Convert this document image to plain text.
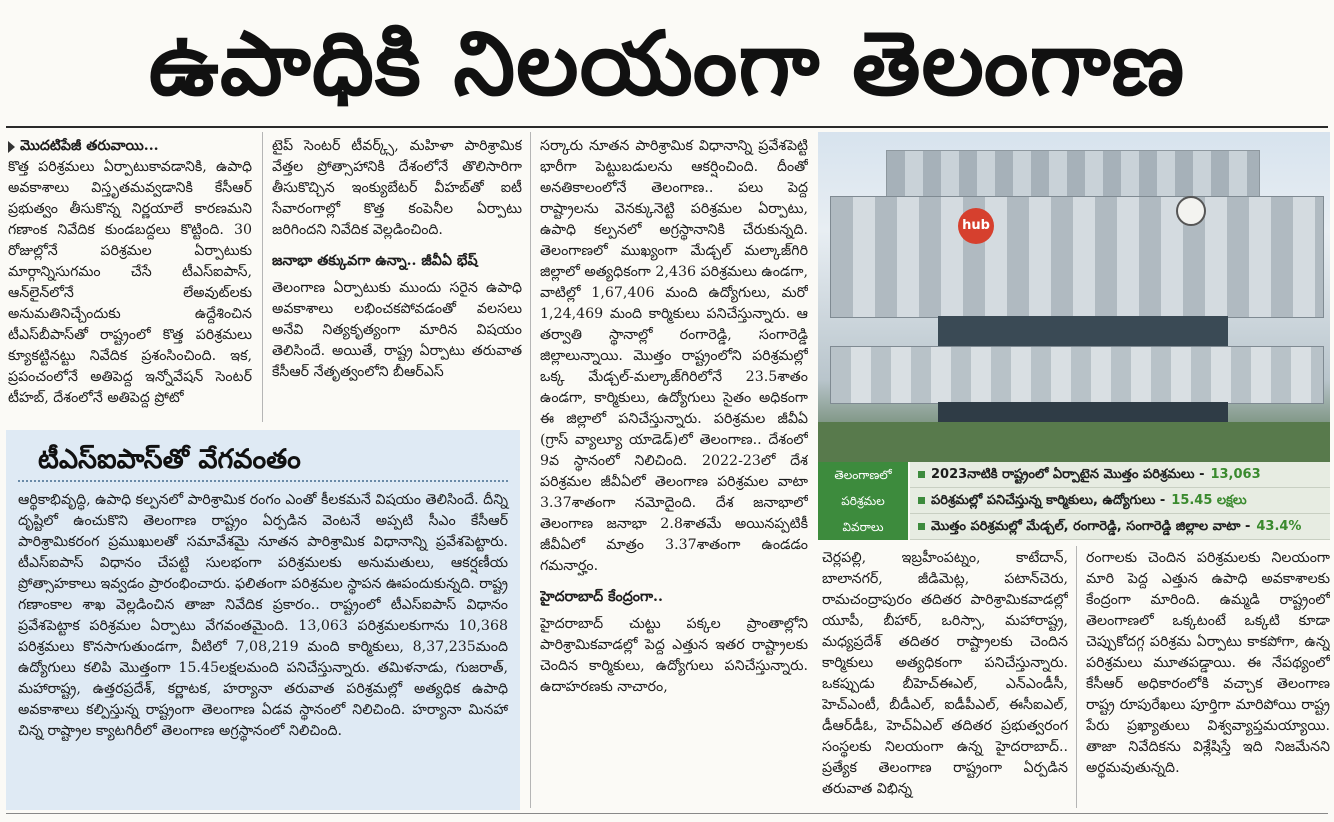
ఉపాధికి నిలయంగా తెలంగాణ
మొదటిపేజీ తరువాయి...

కొత్త పరిశ్రమలు ఏర్పాటుకావడానికి, ఉపాధి అవకాశాలు విస్తృతమవ్వడానికి కేసీఆర్ ప్రభుత్వం తీసుకొన్న నిర్ణయాలే కారణమని గణాంక నివేదిక కుండబద్దలు కొట్టింది. 30 రోజుల్లోనే పరిశ్రమల ఏర్పాటుకు మార్గాన్నిసుగమం చేసే టీఎస్ఐపాస్, ఆన్‌లైన్‌లోనే లేఅవుట్‌లకు అనుమతినిచ్చేందుకు ఉద్దేశించిన టీఎస్‌బీపాస్‌తో రాష్ట్రంలో కొత్త పరిశ్రమలు క్యూకట్టినట్టు నివేదిక ప్రశంసించింది. ఇక, ప్రపంచంలోనే అతిపెద్ద ఇన్నోవేషన్ సెంటర్ టీహబ్, దేశంలోనే అతిపెద్ద ప్రోటో

టైప్ సెంటర్ టీవర్క్స్, మహిళా పారిశ్రామిక వేత్తల ప్రోత్సాహానికి దేశంలోనే తొలిసారిగా తీసుకొచ్చిన ఇంక్యుబేటర్ వీహబ్‌తో ఐటీ సేవారంగాల్లో కొత్త కంపెనీల ఏర్పాటు జరిగిందని నివేదిక వెల్లడించింది.

జనాభా తక్కువగా ఉన్నా.. జీవీఏ భేష్

తెలంగాణ ఏర్పాటుకు ముందు సరైన ఉపాధి అవకాశాలు లభించకపోవడంతో వలసలు అనేవి నిత్యకృత్యంగా మారిన విషయం తెలిసిందే. అయితే, రాష్ట్ర ఏర్పాటు తరువాత కేసీఆర్ నేతృత్వంలోని బీఆర్ఎస్

టీఎస్ఐపాస్‌తో వేగవంతం
ఆర్థికాభివృద్ధి, ఉపాధి కల్పనలో పారిశ్రామిక రంగం ఎంతో కీలకమనే విషయం తెలిసిందే. దీన్ని దృష్టిలో ఉంచుకొని తెలంగాణ రాష్ట్రం ఏర్పడిన వెంటనే అప్పటి సీఎం కేసీఆర్ పారిశ్రామికరంగ ప్రముఖులతో సమావేశమై నూతన పారిశ్రామిక విధానాన్ని ప్రవేశపెట్టారు. టీఎస్ఐపాస్ విధానం చేపట్టి సులభంగా పరిశ్రమలకు అనుమతులు, ఆకర్షణీయ ప్రోత్సాహకాలు ఇవ్వడం ప్రారంభించారు. ఫలితంగా పరిశ్రమల స్థాపన ఊపందుకున్నది. రాష్ట్ర గణాంకాల శాఖ వెల్లడించిన తాజా నివేదిక ప్రకారం.. రాష్ట్రంలో టీఎస్ఐపాస్ విధానం ప్రవేశపెట్టాక పరిశ్రమల ఏర్పాటు వేగవంతమైంది. 13,063 పరిశ్రమలకుగాను 10,368 పరిశ్రమలు కొనసాగుతుండగా, వీటిలో 7,08,219 మంది కార్మికులు, 8,37,235మంది ఉద్యోగులు కలిపి మొత్తంగా 15.45లక్షలమంది పనిచేస్తున్నారు. తమిళనాడు, గుజరాత్, మహారాష్ట్ర, ఉత్తరప్రదేశ్, కర్ణాటక, హర్యానా తరువాత పరిశ్రమల్లో అత్యధిక ఉపాధి అవకాశాలు కల్పిస్తున్న రాష్ట్రంగా తెలంగాణ ఏడవ స్థానంలో నిలిచింది. హర్యానా మినహా చిన్న రాష్ట్రాల క్యాటగిరీలో తెలంగాణ అగ్రస్థానంలో నిలిచింది.

సర్కారు నూతన పారిశ్రామిక విధానాన్ని ప్రవేశపెట్టి భారీగా పెట్టుబడులను ఆకర్షించింది. దీంతో అనతికాలంలోనే తెలంగాణ.. పలు పెద్ద రాష్ట్రాలను వెనక్కునెట్టి పరిశ్రమల ఏర్పాటు, ఉపాధి కల్పనలో అగ్రస్థానానికి చేరుకున్నది. తెలంగాణలో ముఖ్యంగా మేడ్చల్ మల్కాజ్‌గిరి జిల్లాలో అత్యధికంగా 2,436 పరిశ్రమలు ఉండగా, వాటిల్లో 1,67,406 మంది ఉద్యోగులు, మరో 1,24,469 మంది కార్మికులు పనిచేస్తున్నారు. ఆ తర్వాతి స్థానాల్లో రంగారెడ్డి, సంగారెడ్డి జిల్లాలున్నాయి. మొత్తం రాష్ట్రంలోని పరిశ్రమల్లో ఒక్క మేడ్చల్-మల్కాజ్‌గిరిలోనే 23.5శాతం ఉండగా, కార్మికులు, ఉద్యోగులు సైతం అధికంగా ఈ జిల్లాలో పనిచేస్తున్నారు. పరిశ్రమల జీవీఏ (గ్రాస్ వ్యాల్యూ యాడెడ్)లో తెలంగాణ.. దేశంలో 9వ స్థానంలో నిలిచింది. 2022-23లో దేశ పరిశ్రమల జీవీఏలో తెలంగాణ పరిశ్రమల వాటా 3.37శాతంగా నమోదైంది. దేశ జనాభాలో తెలంగాణ జనాభా 2.8శాతమే అయినప్పటికీ జీవీఏలో మాత్రం 3.37శాతంగా ఉండడం గమనార్హం.

హైదరాబాద్ కేంద్రంగా..

హైదరాబాద్ చుట్టు పక్కల ప్రాంతాల్లోని పారిశ్రామికవాడల్లో పెద్ద ఎత్తున ఇతర రాష్ట్రాలకు చెందిన కార్మికులు, ఉద్యోగులు పనిచేస్తున్నారు. ఉదాహరణకు నాచారం,

hub
తెలంగాణలో
పరిశ్రమల
వివరాలు
2023నాటికి రాష్ట్రంలో ఏర్పాటైన మొత్తం పరిశ్రమలు - 13,063
పరిశ్రమల్లో పనిచేస్తున్న కార్మికులు, ఉద్యోగులు - 15.45 లక్షలు
మొత్తం పరిశ్రమల్లో మేడ్చల్, రంగారెడ్డి, సంగారెడ్డి జిల్లాల వాటా - 43.4%

చెర్లపల్లి, ఇబ్రహీంపట్నం, కాటేదాన్, బాలానగర్, జీడిమెట్ల, పటాన్‌చెరు, రామచంద్రాపురం తదితర పారిశ్రామికవాడల్లో యూపీ, బీహార్, ఒరిస్సా, మహారాష్ట్ర, మధ్యప్రదేశ్ తదితర రాష్ట్రాలకు చెందిన కార్మికులు అత్యధికంగా పనిచేస్తున్నారు. ఒకప్పుడు బీహెచ్ఈఎల్, ఎన్ఎండీసీ, హెచ్ఎంటీ, బీడీఎల్, ఐడీపీఎల్, ఈసీఐఎల్, డీఆర్‌డీఓ, హెచ్‌ఏఎల్ తదితర ప్రభుత్వరంగ సంస్థలకు నిలయంగా ఉన్న హైదరాబాద్.. ప్రత్యేక తెలంగాణ రాష్ట్రంగా ఏర్పడిన తరువాత విభిన్న

రంగాలకు చెందిన పరిశ్రమలకు నిలయంగా మారి పెద్ద ఎత్తున ఉపాధి అవకాశాలకు కేంద్రంగా మారింది. ఉమ్మడి రాష్ట్రంలో తెలంగాణలో ఒక్కటంటే ఒక్కటి కూడా చెప్పుకోదగ్గ పరిశ్రమ ఏర్పాటు కాకపోగా, ఉన్న పరిశ్రమలు మూతపడ్డాయి. ఈ నేపథ్యంలో కేసీఆర్ అధికారంలోకి వచ్చాక తెలంగాణ రాష్ట్ర రూపురేఖలు పూర్తిగా మారిపోయి రాష్ట్ర పేరు ప్రఖ్యాతులు విశ్వవ్యాప్తమయ్యాయి. తాజా నివేదికను విశ్లేషిస్తే ఇది నిజమేనని అర్థమవుతున్నది.
